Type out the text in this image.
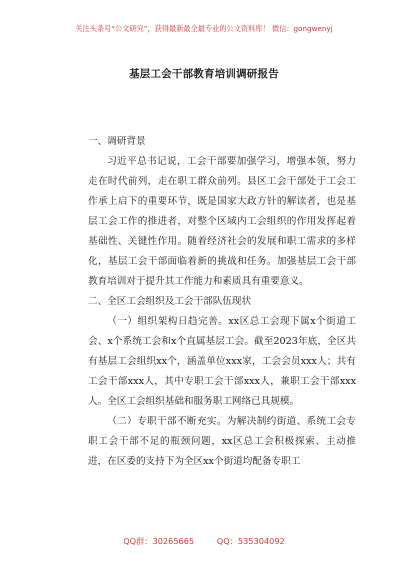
关注头条号“公文研究”，获得最新最全最专业的公文资料库！ 微信：gongwenyj
基层工会干部教育培训调研报告
一、调研背景
习近平总书记说，工会干部要加强学习，增强本领，努力走在时代前列，走在职工群众前列。县区工会干部处于工会工作承上启下的重要环节，既是国家大政方针的解读者，也是基层工会工作的推进者，对整个区域内工会组织的作用发挥起着基础性、关键性作用。随着经济社会的发展和职工需求的多样化，基层工会干部面临着新的挑战和任务。加强基层工会干部教育培训对于提升其工作能力和素质具有重要意义。
二、全区工会组织及工会干部队伍现状
（一）组织架构日趋完善。xx区总工会现下属x个街道工会、x个系统工会和x个直属基层工会。截至2023年底，全区共有基层工会组织xx个，涵盖单位xxx家，工会会员xxx人；共有工会干部xxx人，其中专职工会干部xxx人，兼职工会干部xxx人。全区工会组织基础和服务职工网络已具规模。
（二）专职干部不断充实。为解决制约街道、系统工会专职工会干部不足的瓶颈问题，xx区总工会积极探索、主动推进，在区委的支持下为全区xx个街道均配备专职工
QQ群：30265665	QQ：535304092
